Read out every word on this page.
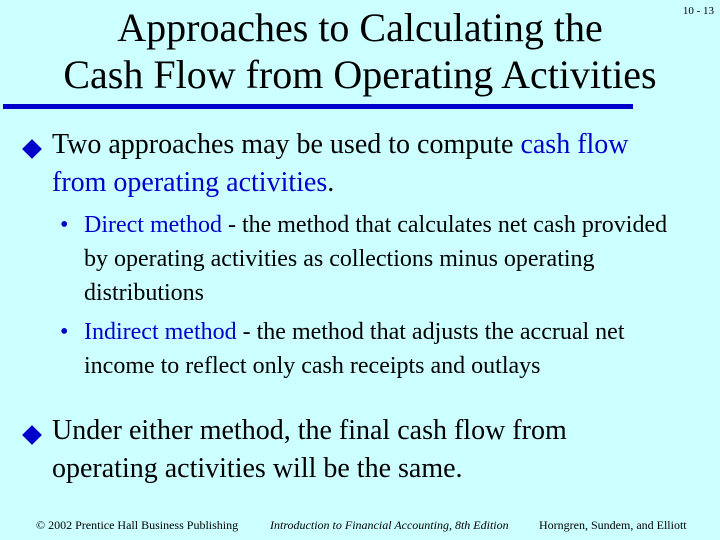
Approaches to Calculating the
Cash Flow from Operating Activities
10 - 13
Two approaches may be used to compute cash flow from operating activities.
• Direct method - the method that calculates net cash provided by operating activities as collections minus operating distributions
• Indirect method - the method that adjusts the accrual net income to reflect only cash receipts and outlays
Under either method, the final cash flow from operating activities will be the same.
© 2002 Prentice Hall Business Publishing	Introduction to Financial Accounting, 8th Edition	Horngren, Sundem, and Elliott
